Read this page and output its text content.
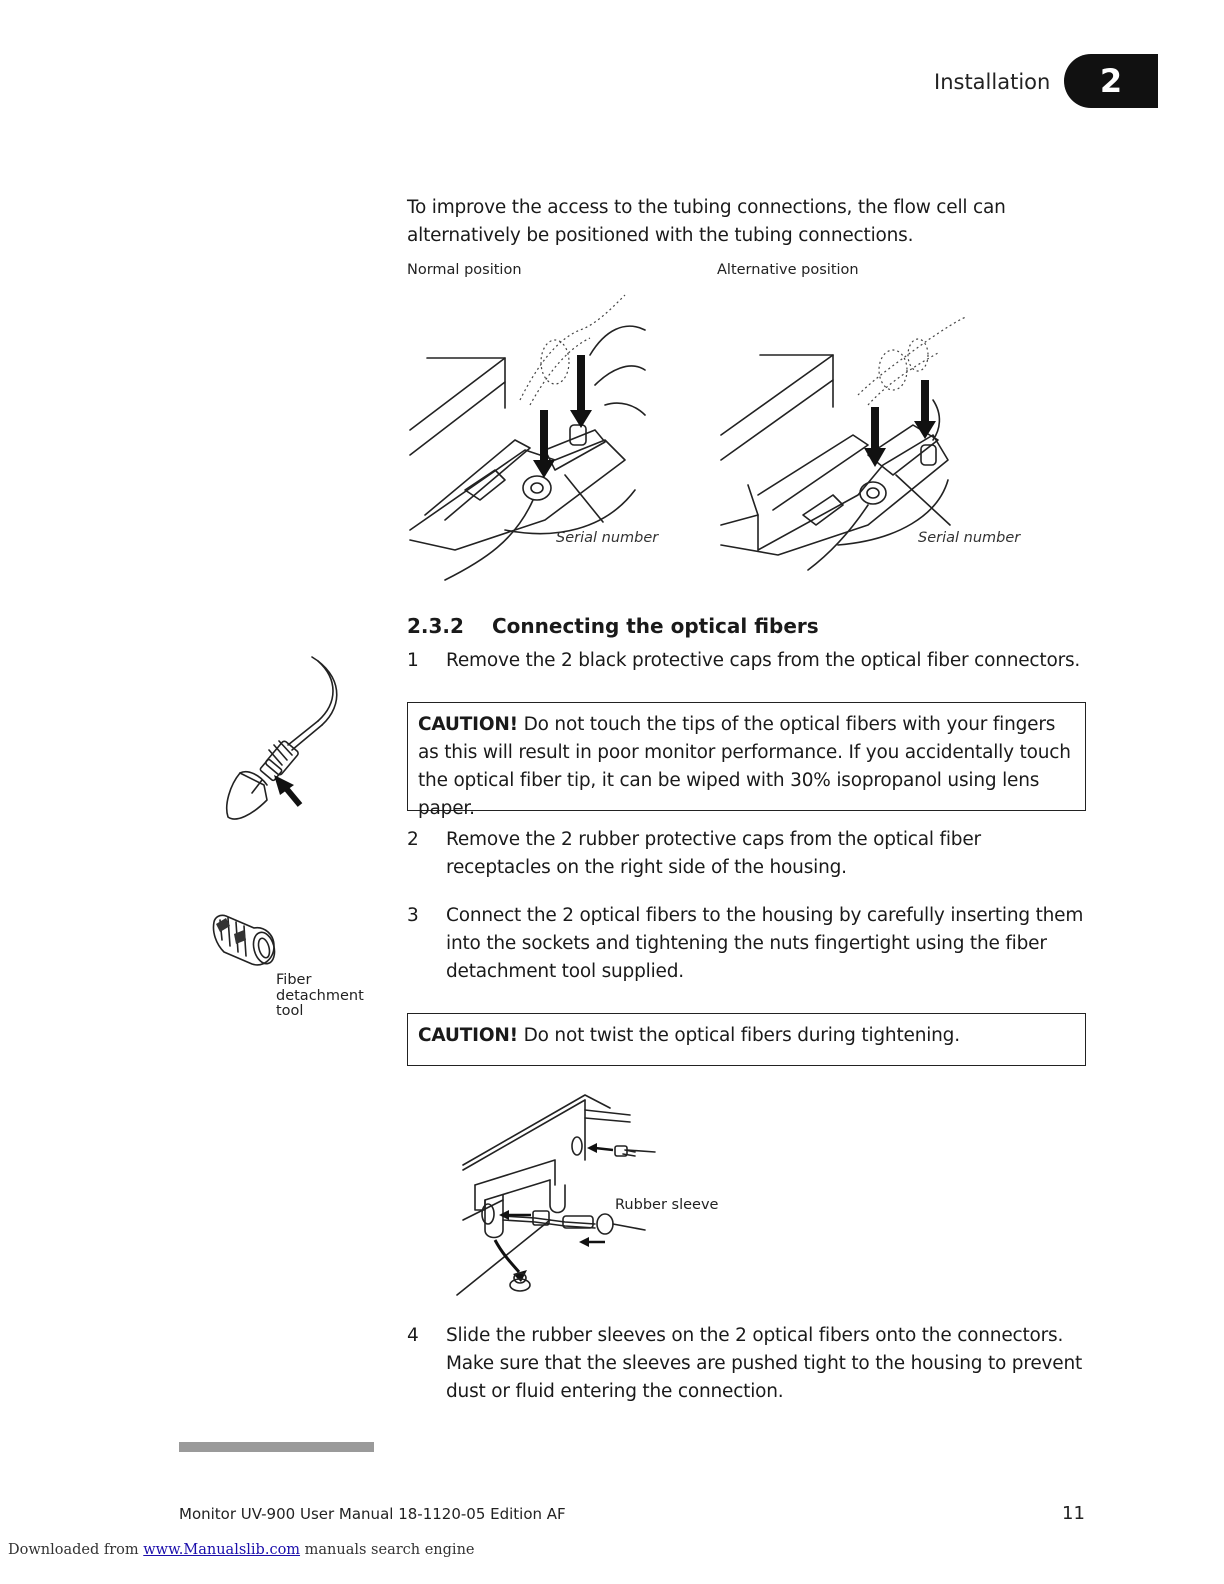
Installation	2
To improve the access to the tubing connections, the flow cell can alternatively be positioned with the tubing connections.
Normal position	Alternative position
Serial number	Serial number
2.3.2 Connecting the optical fibers
1 Remove the 2 black protective caps from the optical fiber connectors.
CAUTION! Do not touch the tips of the optical fibers with your fingers as this will result in poor monitor performance. If you accidentally touch the optical fiber tip, it can be wiped with 30% isopropanol using lens paper.
2 Remove the 2 rubber protective caps from the optical fiber receptacles on the right side of the housing.
Fiber detachment tool
3 Connect the 2 optical fibers to the housing by carefully inserting them into the sockets and tightening the nuts fingertight using the fiber detachment tool supplied.
CAUTION! Do not twist the optical fibers during tightening.
Rubber sleeve
4 Slide the rubber sleeves on the 2 optical fibers onto the connectors. Make sure that the sleeves are pushed tight to the housing to prevent dust or fluid entering the connection.
Monitor UV-900 User Manual 18-1120-05 Edition AF	11
Downloaded from www.Manualslib.com manuals search engine
